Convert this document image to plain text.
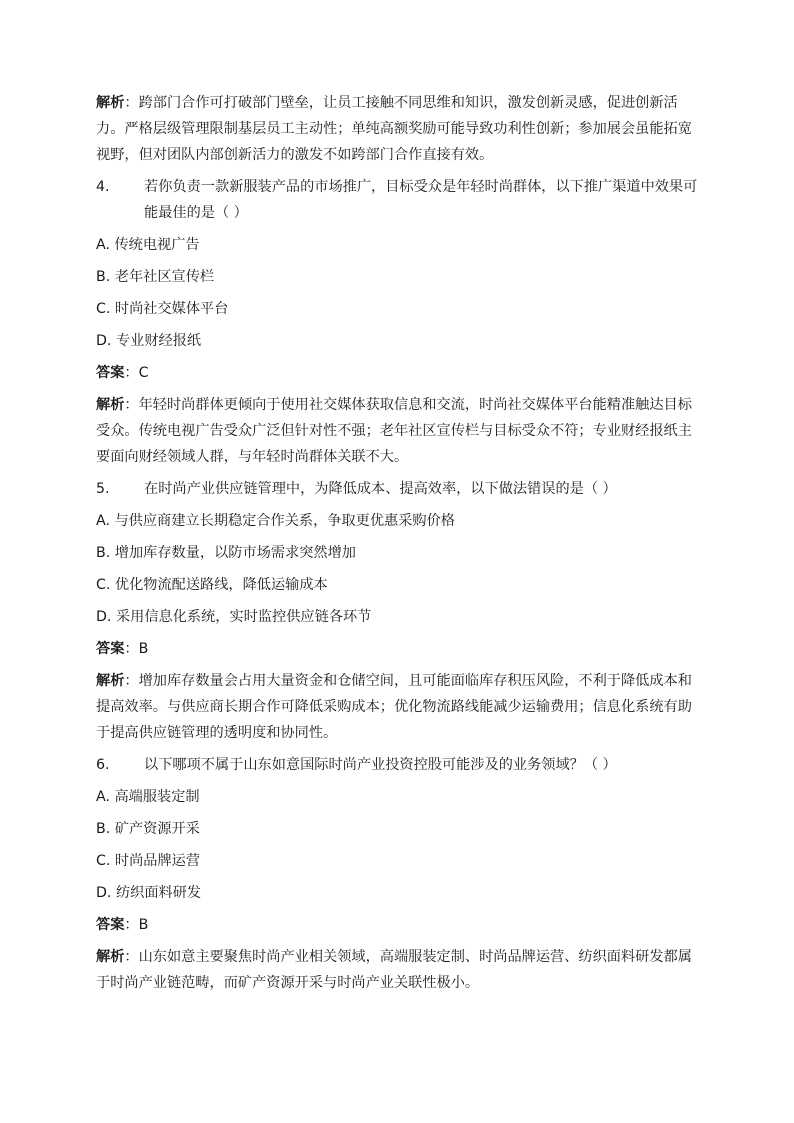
解析：跨部门合作可打破部门壁垒，让员工接触不同思维和知识，激发创新灵感，促进创新活力。严格层级管理限制基层员工主动性；单纯高额奖励可能导致功利性创新；参加展会虽能拓宽视野，但对团队内部创新活力的激发不如跨部门合作直接有效。

4.	若你负责一款新服装产品的市场推广，目标受众是年轻时尚群体，以下推广渠道中效果可能最佳的是（ ）

A. 传统电视广告

B. 老年社区宣传栏

C. 时尚社交媒体平台

D. 专业财经报纸

答案：C

解析：年轻时尚群体更倾向于使用社交媒体获取信息和交流，时尚社交媒体平台能精准触达目标受众。传统电视广告受众广泛但针对性不强；老年社区宣传栏与目标受众不符；专业财经报纸主要面向财经领域人群，与年轻时尚群体关联不大。

5.	在时尚产业供应链管理中，为降低成本、提高效率，以下做法错误的是（ ）

A. 与供应商建立长期稳定合作关系，争取更优惠采购价格

B. 增加库存数量，以防市场需求突然增加

C. 优化物流配送路线，降低运输成本

D. 采用信息化系统，实时监控供应链各环节

答案：B

解析：增加库存数量会占用大量资金和仓储空间，且可能面临库存积压风险，不利于降低成本和提高效率。与供应商长期合作可降低采购成本；优化物流路线能减少运输费用；信息化系统有助于提高供应链管理的透明度和协同性。

6.	以下哪项不属于山东如意国际时尚产业投资控股可能涉及的业务领域？（ ）

A. 高端服装定制

B. 矿产资源开采

C. 时尚品牌运营

D. 纺织面料研发

答案：B

解析：山东如意主要聚焦时尚产业相关领域，高端服装定制、时尚品牌运营、纺织面料研发都属于时尚产业链范畴，而矿产资源开采与时尚产业关联性极小。
